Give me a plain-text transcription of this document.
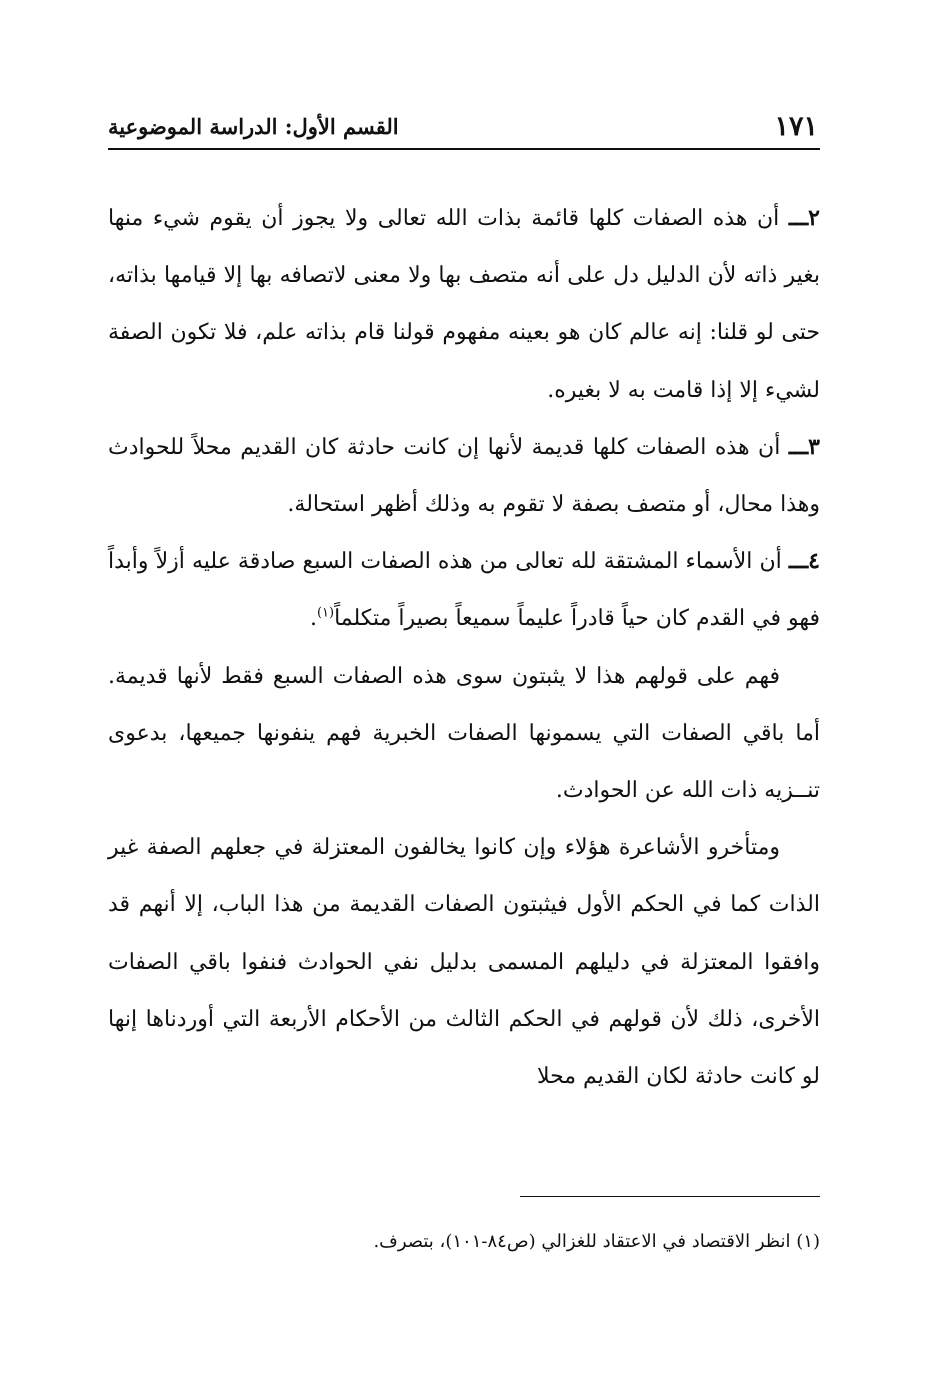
١٧١
القسم الأول: الدراسة الموضوعية

٢ـــ أن هذه الصفات كلها قائمة بذات الله تعالى ولا يجوز أن يقوم شيء منها بغير ذاته لأن الدليل دل على أنه متصف بها ولا معنى لاتصافه بها إلا قيامها بذاته، حتى لو قلنا: إنه عالم كان هو بعينه مفهوم قولنا قام بذاته علم، فلا تكون الصفة لشيء إلا إذا قامت به لا بغيره.

٣ـــ أن هذه الصفات كلها قديمة لأنها إن كانت حادثة كان القديم محلاً للحوادث وهذا محال، أو متصف بصفة لا تقوم به وذلك أظهر استحالة.

٤ـــ أن الأسماء المشتقة لله تعالى من هذه الصفات السبع صادقة عليه أزلاً وأبداً فهو في القدم كان حياً قادراً عليماً سميعاً بصيراً متكلماً$^{(١)}$.

فهم على قولهم هذا لا يثبتون سوى هذه الصفات السبع فقط لأنها قديمة. أما باقي الصفات التي يسمونها الصفات الخبرية فهم ينفونها جميعها، بدعوى تنــزيه ذات الله عن الحوادث.

ومتأخرو الأشاعرة هؤلاء وإن كانوا يخالفون المعتزلة في جعلهم الصفة غير الذات كما في الحكم الأول فيثبتون الصفات القديمة من هذا الباب، إلا أنهم قد وافقوا المعتزلة في دليلهم المسمى بدليل نفي الحوادث فنفوا باقي الصفات الأخرى، ذلك لأن قولهم في الحكم الثالث من الأحكام الأربعة التي أوردناها إنها لو كانت حادثة لكان القديم محلا

(١) انظر الاقتصاد في الاعتقاد للغزالي (ص٨٤-١٠١)، بتصرف.
